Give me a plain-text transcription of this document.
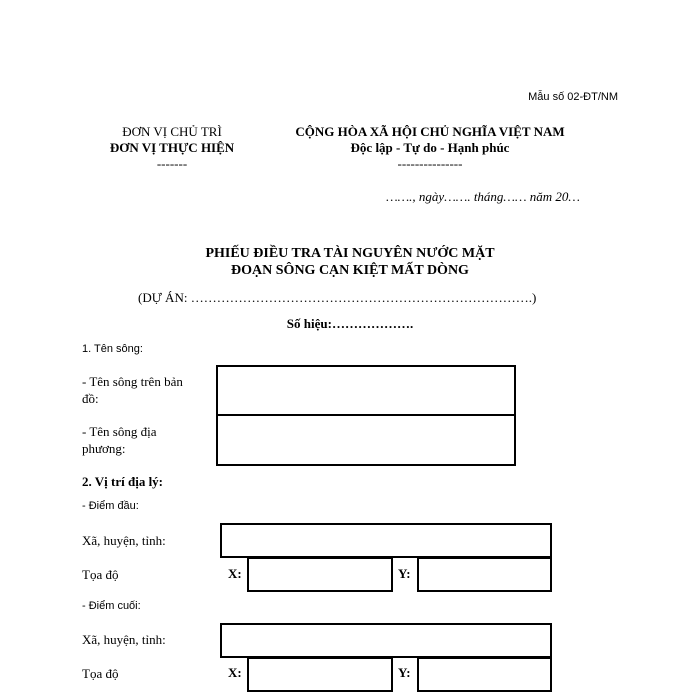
Mẫu số 02-ĐT/NM
ĐƠN VỊ CHỦ TRÌ
ĐƠN VỊ THỰC HIỆN
-------
CỘNG HÒA XÃ HỘI CHỦ NGHĨA VIỆT NAM
Độc lập - Tự do - Hạnh phúc
---------------
……., ngày……. tháng…… năm 20…
PHIẾU ĐIỀU TRA TÀI NGUYÊN NƯỚC MẶT
ĐOẠN SÔNG CẠN KIỆT MẤT DÒNG
(DỰ ÁN: …………………………………………………………………….)
Số hiệu:……………….
1. Tên sông:
- Tên sông trên bản đồ:
- Tên sông địa phương:
2. Vị trí địa lý:
- Điểm đầu:
Xã, huyện, tỉnh:
Tọa độ	X:	Y:
- Điểm cuối:
Xã, huyện, tỉnh:
Tọa độ	X:	Y:
